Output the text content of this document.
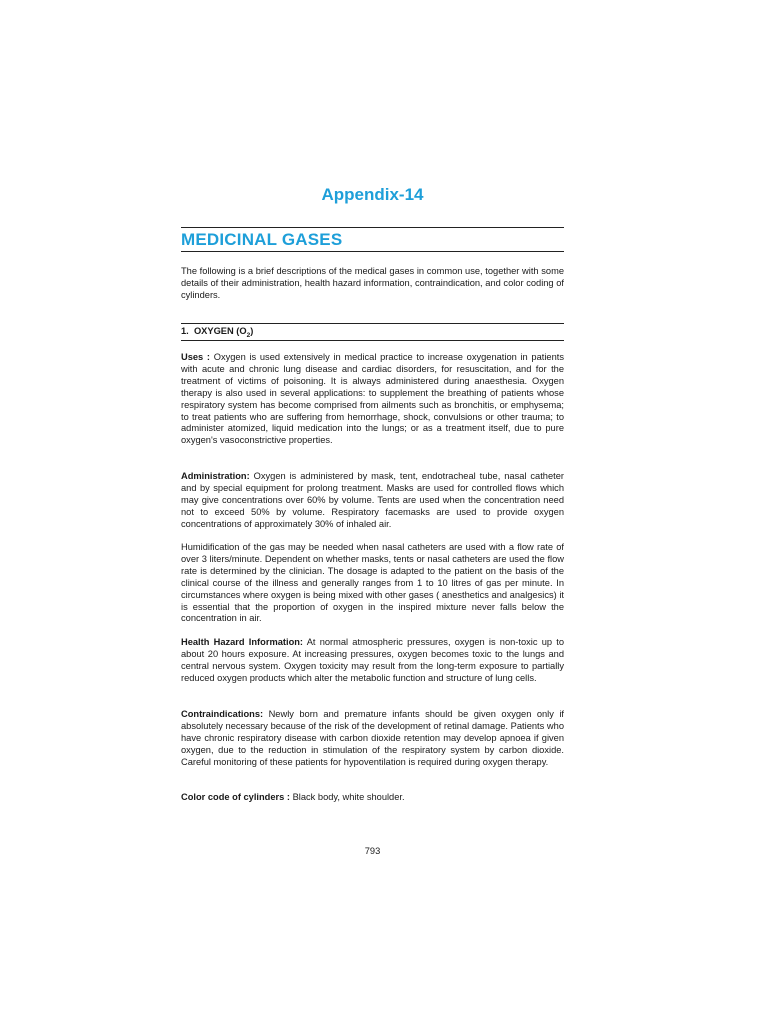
Appendix-14
MEDICINAL GASES

The following is a brief descriptions of the medical gases in common use, together with some details of their administration, health hazard information, contraindication, and color coding of cylinders.

1. OXYGEN $(O_2)$

Uses : Oxygen is used extensively in medical practice to increase oxygenation in patients with acute and chronic lung disease and cardiac disorders, for resuscitation, and for the treatment of victims of poisoning. It is always administered during anaesthesia. Oxygen therapy is also used in several applications: to supplement the breathing of patients whose respiratory system has become comprised from ailments such as bronchitis, or emphysema; to treat patients who are suffering from hemorrhage, shock, convulsions or other trauma; to administer atomized, liquid medication into the lungs; or as a treatment itself, due to pure oxygen's vasoconstrictive properties.

Administration: Oxygen is administered by mask, tent, endotracheal tube, nasal catheter and by special equipment for prolong treatment. Masks are used for controlled flows which may give concentrations over 60% by volume. Tents are used when the concentration need not to exceed 50% by volume. Respiratory facemasks are used to provide oxygen concentrations of approximately 30% of inhaled air.

Humidification of the gas may be needed when nasal catheters are used with a flow rate of over 3 liters/minute. Dependent on whether masks, tents or nasal catheters are used the flow rate is determined by the clinician. The dosage is adapted to the patient on the basis of the clinical course of the illness and generally ranges from 1 to 10 litres of gas per minute. In circumstances where oxygen is being mixed with other gases ( anesthetics and analgesics) it is essential that the proportion of oxygen in the inspired mixture never falls below the concentration in air.

Health Hazard Information: At normal atmospheric pressures, oxygen is non-toxic up to about 20 hours exposure. At increasing pressures, oxygen becomes toxic to the lungs and central nervous system. Oxygen toxicity may result from the long-term exposure to partially reduced oxygen products which alter the metabolic function and structure of lung cells.

Contraindications: Newly born and premature infants should be given oxygen only if absolutely necessary because of the risk of the development of retinal damage. Patients who have chronic respiratory disease with carbon dioxide retention may develop apnoea if given oxygen, due to the reduction in stimulation of the respiratory system by carbon dioxide. Careful monitoring of these patients for hypoventilation is required during oxygen therapy.

Color code of cylinders : Black body, white shoulder.

793
